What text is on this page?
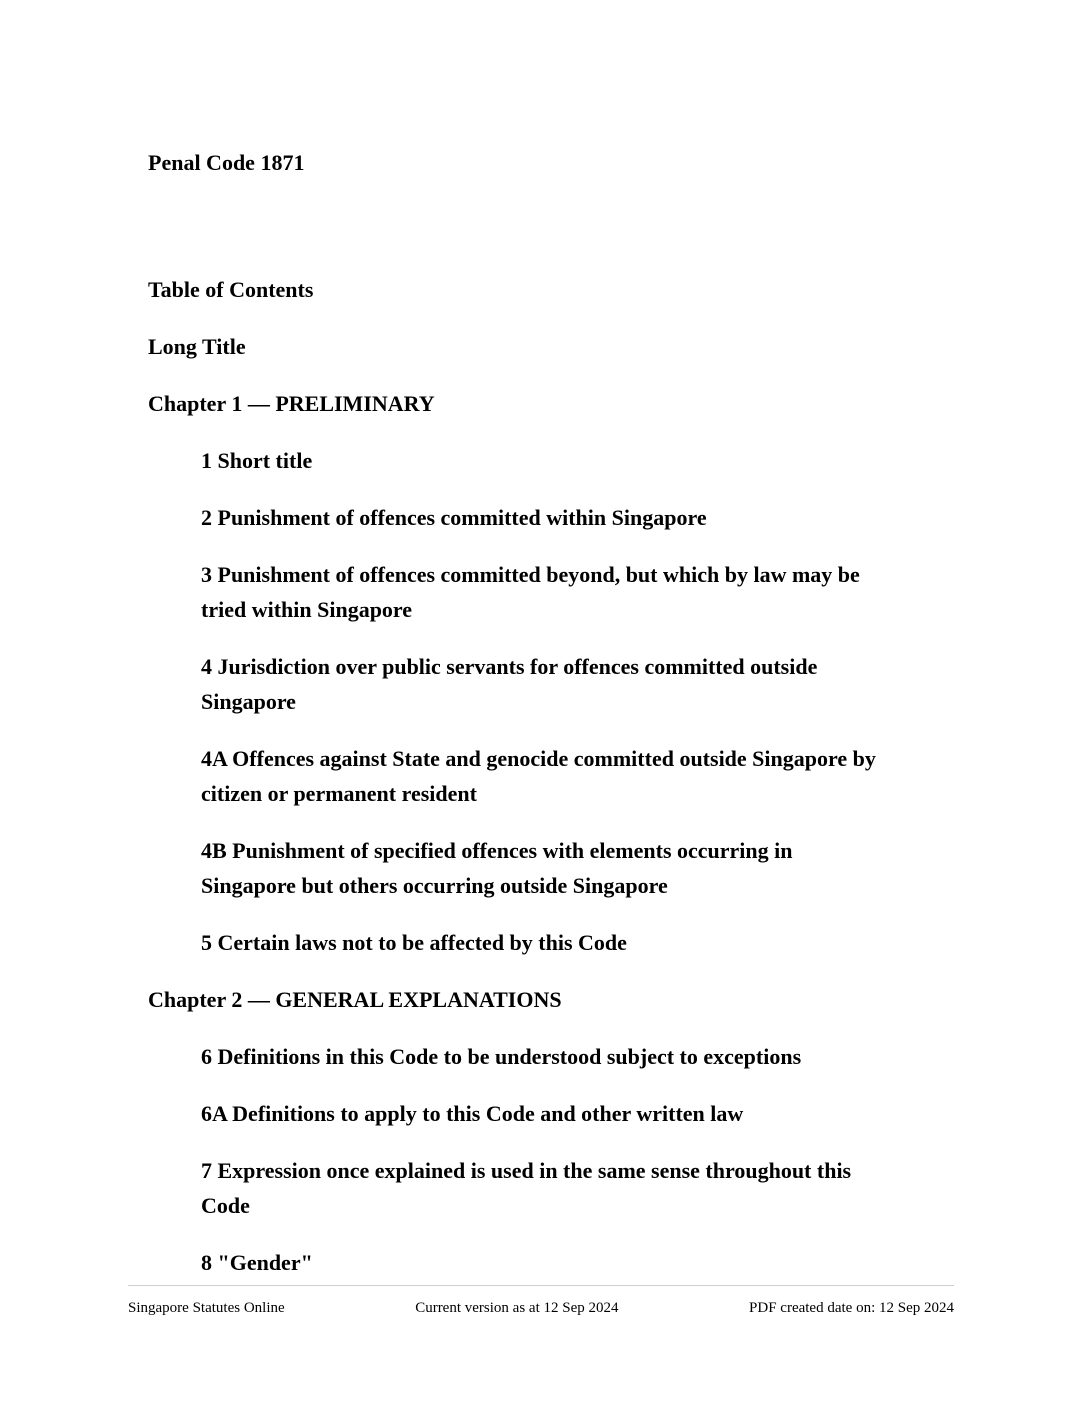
Penal Code 1871

Table of Contents

Long Title

Chapter 1 — PRELIMINARY

1 Short title

2 Punishment of offences committed within Singapore

3 Punishment of offences committed beyond, but which by law may be tried within Singapore

4 Jurisdiction over public servants for offences committed outside Singapore

4A Offences against State and genocide committed outside Singapore by citizen or permanent resident

4B Punishment of specified offences with elements occurring in Singapore but others occurring outside Singapore

5 Certain laws not to be affected by this Code

Chapter 2 — GENERAL EXPLANATIONS

6 Definitions in this Code to be understood subject to exceptions

6A Definitions to apply to this Code and other written law

7 Expression once explained is used in the same sense throughout this Code

8 "Gender"

Singapore Statutes Online	Current version as at 12 Sep 2024	PDF created date on: 12 Sep 2024
